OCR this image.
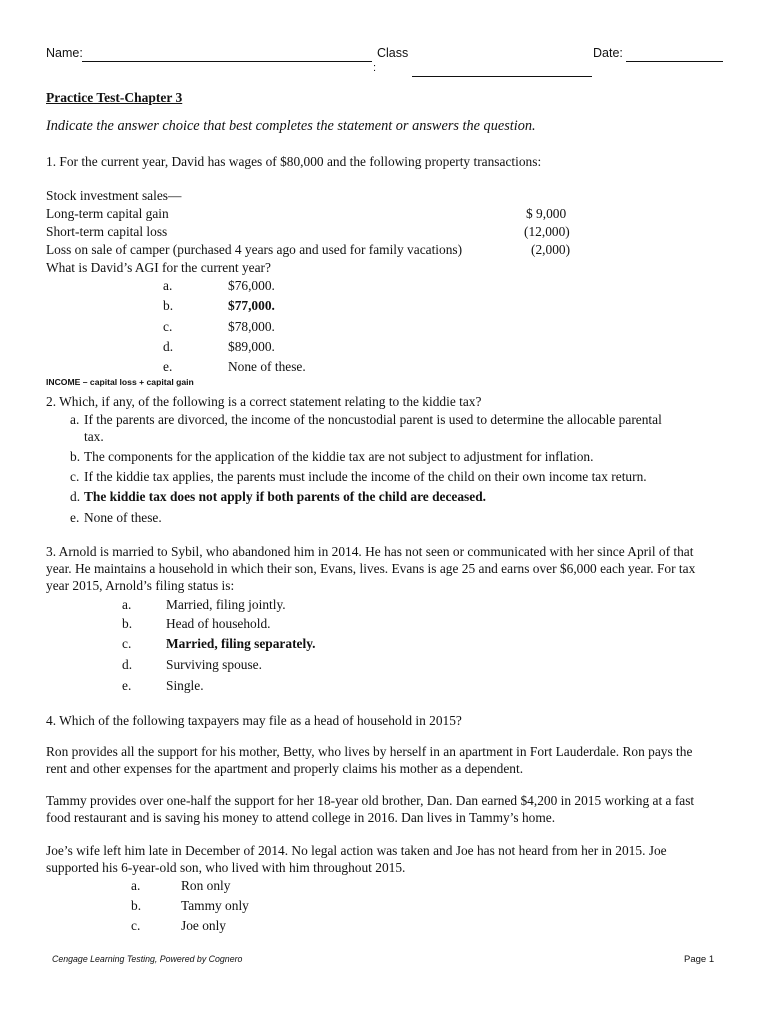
Name:	Class
:
Date:
Practice Test-Chapter 3
Indicate the answer choice that best completes the statement or answers the question.
1. For the current year, David has wages of $80,000 and the following property transactions:
Stock investment sales—
Long-term capital gain	$ 9,000
Short-term capital loss	(12,000)
Loss on sale of camper (purchased 4 years ago and used for family vacations)	(2,000)
What is David’s AGI for the current year?
a.	$76,000.
b.	$77,000.
c.	$78,000.
d.	$89,000.
e.	None of these.
INCOME – capital loss + capital gain
2. Which, if any, of the following is a correct statement relating to the kiddie tax?
a. If the parents are divorced, the income of the noncustodial parent is used to determine the allocable parental
tax.
b. The components for the application of the kiddie tax are not subject to adjustment for inflation.
c. If the kiddie tax applies, the parents must include the income of the child on their own income tax return.
d. The kiddie tax does not apply if both parents of the child are deceased.
e. None of these.
3. Arnold is married to Sybil, who abandoned him in 2014. He has not seen or communicated with her since April of that
year. He maintains a household in which their son, Evans, lives. Evans is age 25 and earns over $6,000 each year. For tax
year 2015, Arnold’s filing status is:
a.	Married, filing jointly.
b.	Head of household.
c.	Married, filing separately.
d.	Surviving spouse.
e.	Single.
4. Which of the following taxpayers may file as a head of household in 2015?
Ron provides all the support for his mother, Betty, who lives by herself in an apartment in Fort Lauderdale. Ron pays the
rent and other expenses for the apartment and properly claims his mother as a dependent.
Tammy provides over one-half the support for her 18-year old brother, Dan. Dan earned $4,200 in 2015 working at a fast
food restaurant and is saving his money to attend college in 2016. Dan lives in Tammy’s home.
Joe’s wife left him late in December of 2014. No legal action was taken and Joe has not heard from her in 2015. Joe
supported his 6-year-old son, who lived with him throughout 2015.
a.	Ron only
b.	Tammy only
c.	Joe only
Cengage Learning Testing, Powered by Cognero	Page 1
